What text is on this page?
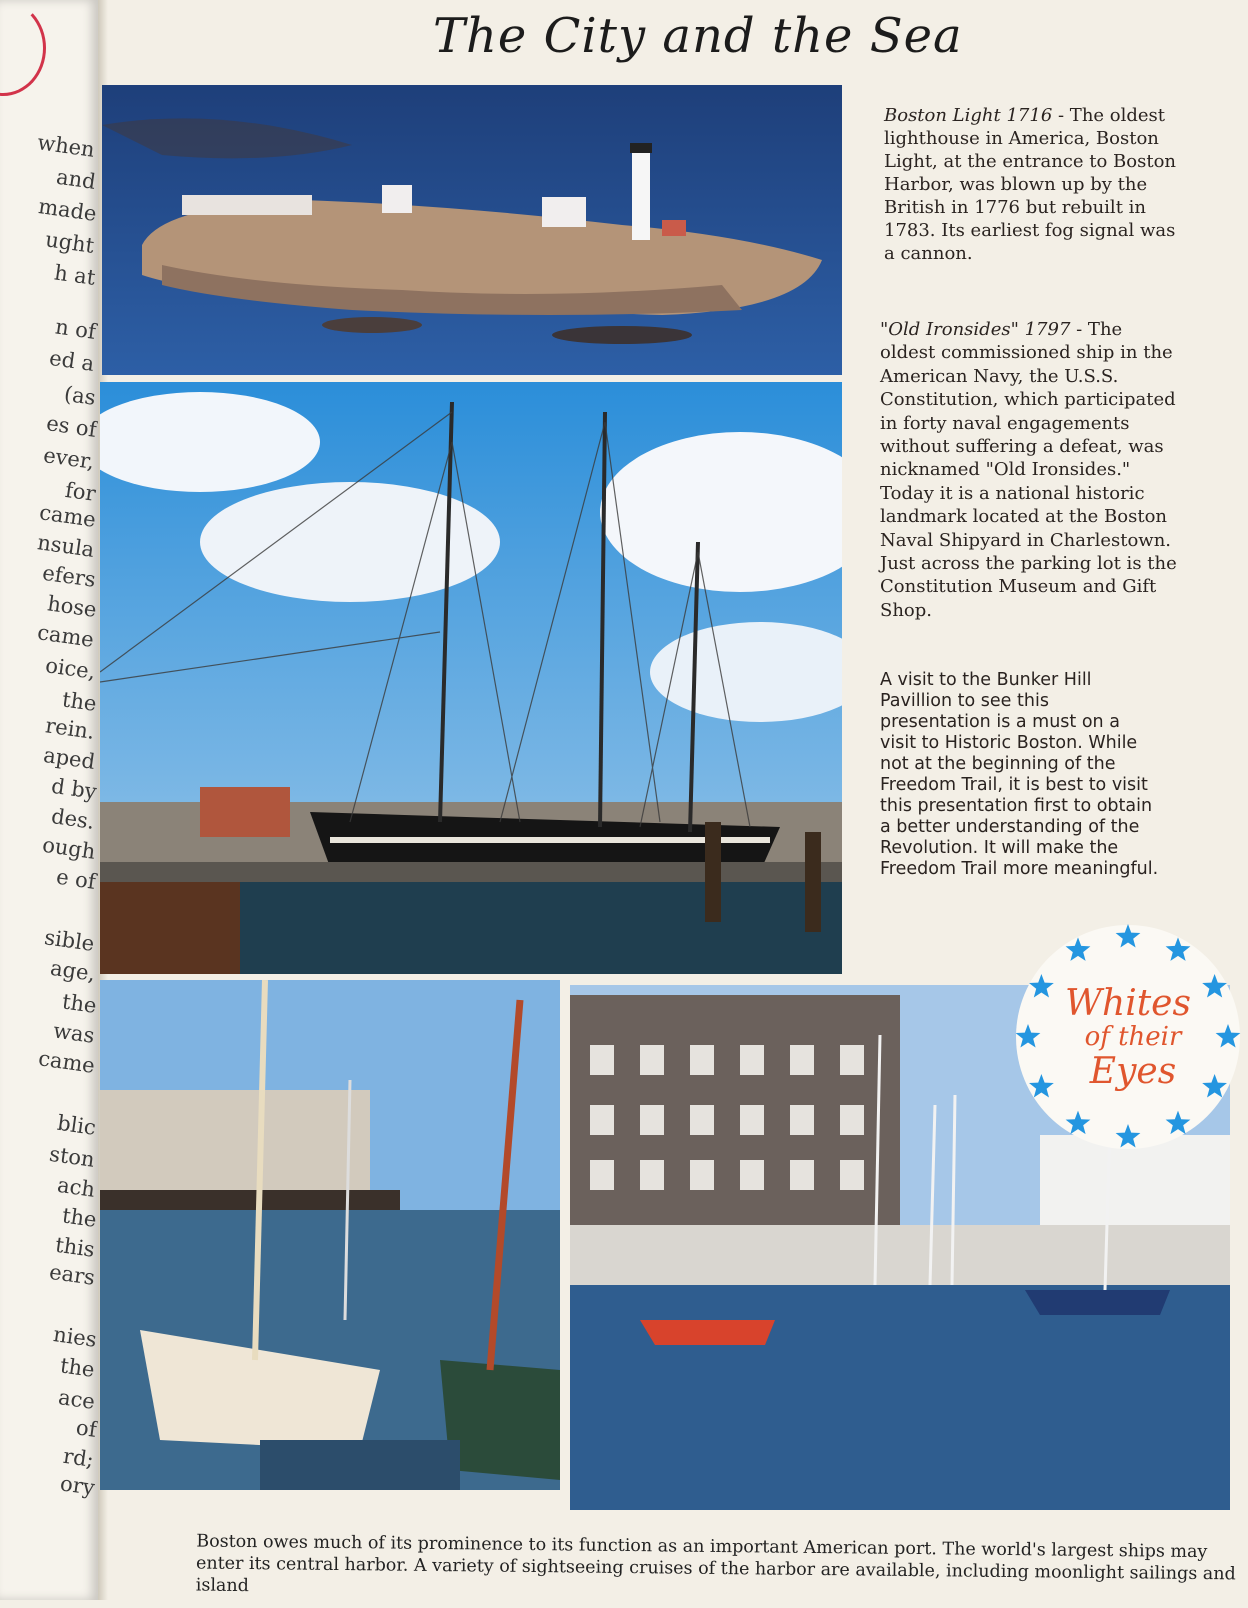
when
and
made
ught
h at
n of
ed a
(as
es of
ever,
for
came
nsula
efers
hose
came
oice,
the
rein.
aped
d by
des.
ough
e of
sible
age,
the
was
came
blic
ston
ach
the
this
ears
nies
the
ace
of
rd;
ory
The City and the Sea

Boston Light 1716 - The oldest lighthouse in America, Boston Light, at the entrance to Boston Harbor, was blown up by the British in 1776 but rebuilt in 1783. Its earliest fog signal was a cannon.

"Old Ironsides" 1797 - The oldest commissioned ship in the American Navy, the U.S.S. Constitution, which participated in forty naval engagements without suffering a defeat, was nicknamed "Old Ironsides." Today it is a national historic landmark located at the Boston Naval Shipyard in Charlestown. Just across the parking lot is the Constitution Museum and Gift Shop.

A visit to the Bunker Hill Pavillion to see this presentation is a must on a visit to Historic Boston. While not at the beginning of the Freedom Trail, it is best to visit this presentation first to obtain a better understanding of the Revolution. It will make the Freedom Trail more meaningful.

Whites
of their
Eyes
Boston owes much of its prominence to its function as an important American port. The world's largest ships may enter its central harbor. A variety of sightseeing cruises of the harbor are available, including moonlight sailings and island
